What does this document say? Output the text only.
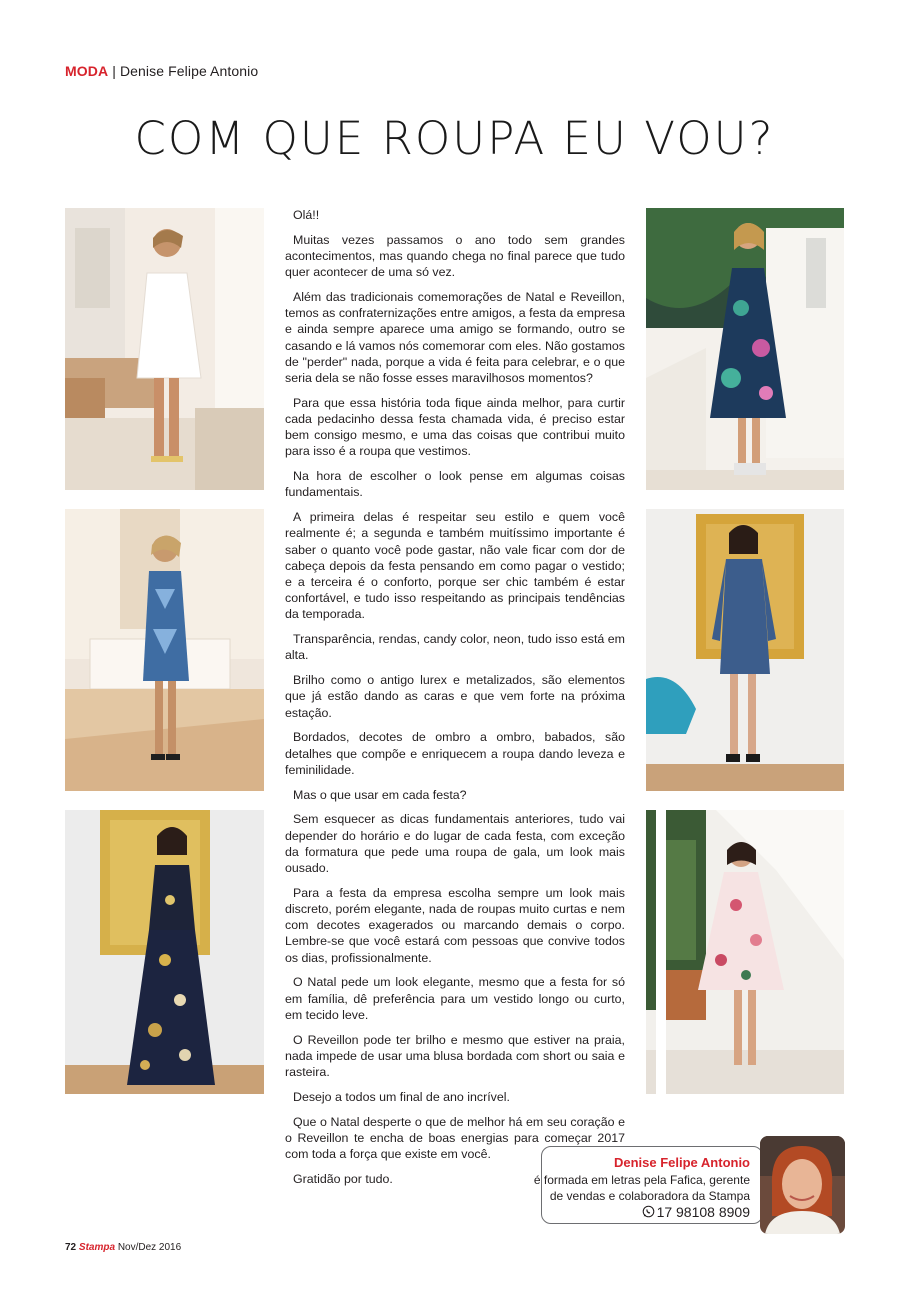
MODA | Denise Felipe Antonio
COM QUE ROUPA EU VOU?

Olá!!

Muitas vezes passamos o ano todo sem grandes acontecimentos, mas quando chega no final parece que tudo quer acontecer de uma só vez.

Além das tradicionais comemorações de Natal e Reveillon, temos as confraternizações entre amigos, a festa da empresa e ainda sempre aparece uma amigo se formando, outro se casando e lá vamos nós comemorar com eles. Não gostamos de "perder" nada, porque a vida é feita para celebrar, e o que seria dela se não fosse esses maravilhosos momentos?

Para que essa história toda fique ainda melhor, para curtir cada pedacinho dessa festa chamada vida, é preciso estar bem consigo mesmo, e uma das coisas que contribui muito para isso é a roupa que vestimos.

Na hora de escolher o look pense em algumas coisas fundamentais.

A primeira delas é respeitar seu estilo e quem você realmente é; a segunda e também muitíssimo importante é saber o quanto você pode gastar, não vale ficar com dor de cabeça depois da festa pensando em como pagar o vestido; e a terceira é o conforto, porque ser chic também é estar confortável, e tudo isso respeitando as principais tendências da temporada.

Transparência, rendas, candy color, neon, tudo isso está em alta.

Brilho como o antigo lurex e metalizados, são elementos que já estão dando as caras e que vem forte na próxima estação.

Bordados, decotes de ombro a ombro, babados, são detalhes que compõe e enriquecem a roupa dando leveza e feminilidade.

Mas o que usar em cada festa?

Sem esquecer as dicas fundamentais anteriores, tudo vai depender do horário e do lugar de cada festa, com exceção da formatura que pede uma roupa de gala, um look mais ousado.

Para a festa da empresa escolha sempre um look mais discreto, porém elegante, nada de roupas muito curtas e nem com decotes exagerados ou marcando demais o corpo. Lembre-se que você estará com pessoas que convive todos os dias, profissionalmente.

O Natal pede um look elegante, mesmo que a festa for só em família, dê preferência para um vestido longo ou curto, em tecido leve.

O Reveillon pode ter brilho e mesmo que estiver na praia, nada impede de usar uma blusa bordada com short ou saia e rasteira.

Desejo a todos um final de ano incrível.

Que o Natal desperte o que de melhor há em seu coração e o Reveillon te encha de boas energias para começar 2017 com toda a força que existe em você.

Gratidão por tudo.

Denise Felipe Antonio
é formada em letras pela Fafica, gerente
de vendas e colaboradora da Stampa
17 98108 8909
72 Stampa Nov/Dez 2016
